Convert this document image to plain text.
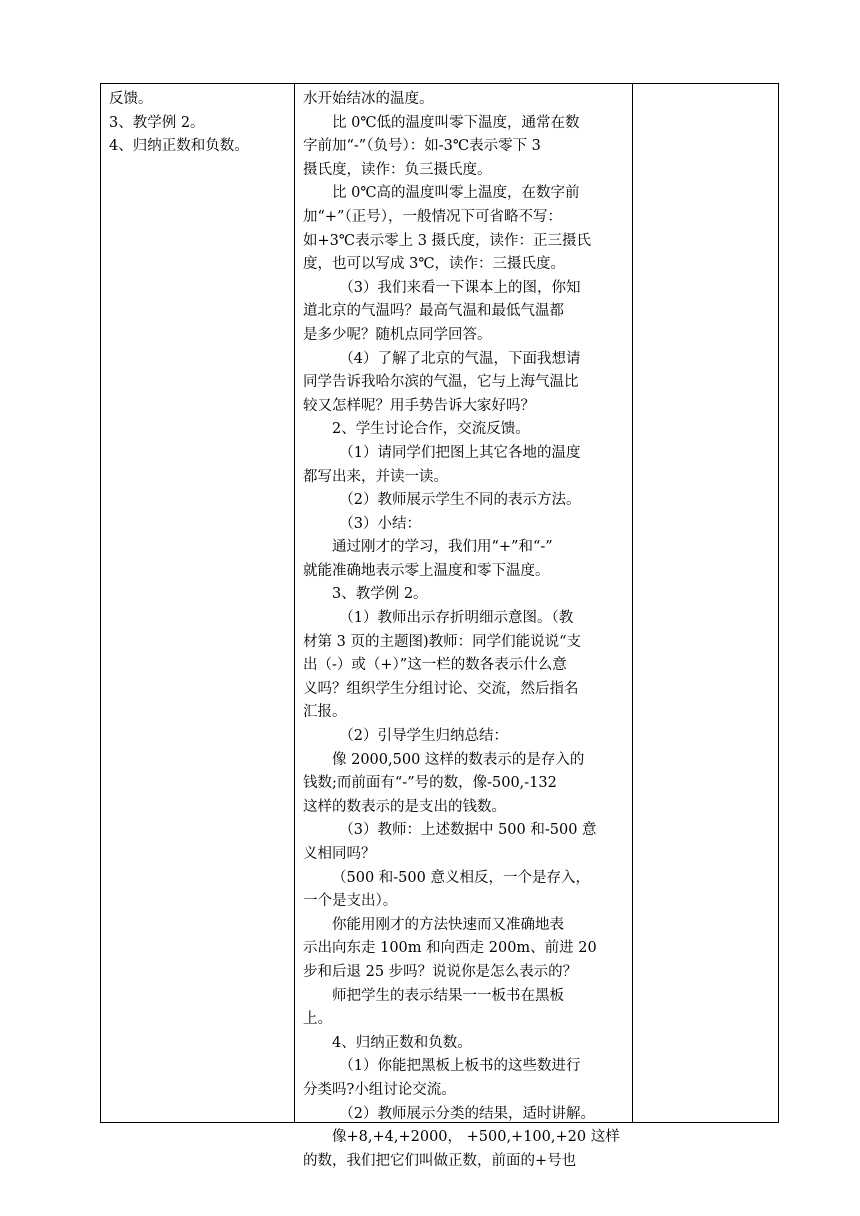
反馈。
3、教学例 2。
4、归纳正数和负数。
水开始结冰的温度。
比 0℃低的温度叫零下温度，通常在数
字前加“-”（负号）：如-3℃表示零下 3
摄氏度，读作：负三摄氏度。
比 0℃高的温度叫零上温度，在数字前
加“+”（正号），一般情况下可省略不写：
如+3℃表示零上 3 摄氏度，读作：正三摄氏
度，也可以写成 3℃，读作：三摄氏度。
（3）我们来看一下课本上的图，你知
道北京的气温吗？最高气温和最低气温都
是多少呢？随机点同学回答。
（4）了解了北京的气温，下面我想请
同学告诉我哈尔滨的气温，它与上海气温比
较又怎样呢？用手势告诉大家好吗？
2、学生讨论合作，交流反馈。
（1）请同学们把图上其它各地的温度
都写出来，并读一读。
（2）教师展示学生不同的表示方法。
（3）小结：
通过刚才的学习，我们用“+”和“-”
就能准确地表示零上温度和零下温度。
3、教学例 2。
（1）教师出示存折明细示意图。（教
材第 3 页的主题图)教师：同学们能说说“支
出（-）或（+）”这一栏的数各表示什么意
义吗？组织学生分组讨论、交流，然后指名
汇报。
（2）引导学生归纳总结：
像 2000,500 这样的数表示的是存入的
钱数;而前面有“-”号的数，像-500,-132
这样的数表示的是支出的钱数。
（3）教师：上述数据中 500 和-500 意
义相同吗？
（500 和-500 意义相反，一个是存入，
一个是支出）。
你能用刚才的方法快速而又准确地表
示出向东走 100m 和向西走 200m、前进 20
步和后退 25 步吗？说说你是怎么表示的？
师把学生的表示结果一一板书在黑板
上。
4、归纳正数和负数。
（1）你能把黑板上板书的这些数进行
分类吗?小组讨论交流。
（2）教师展示分类的结果，适时讲解。
像+8,+4,+2000， +500,+100,+20 这样
的数，我们把它们叫做正数，前面的+号也
